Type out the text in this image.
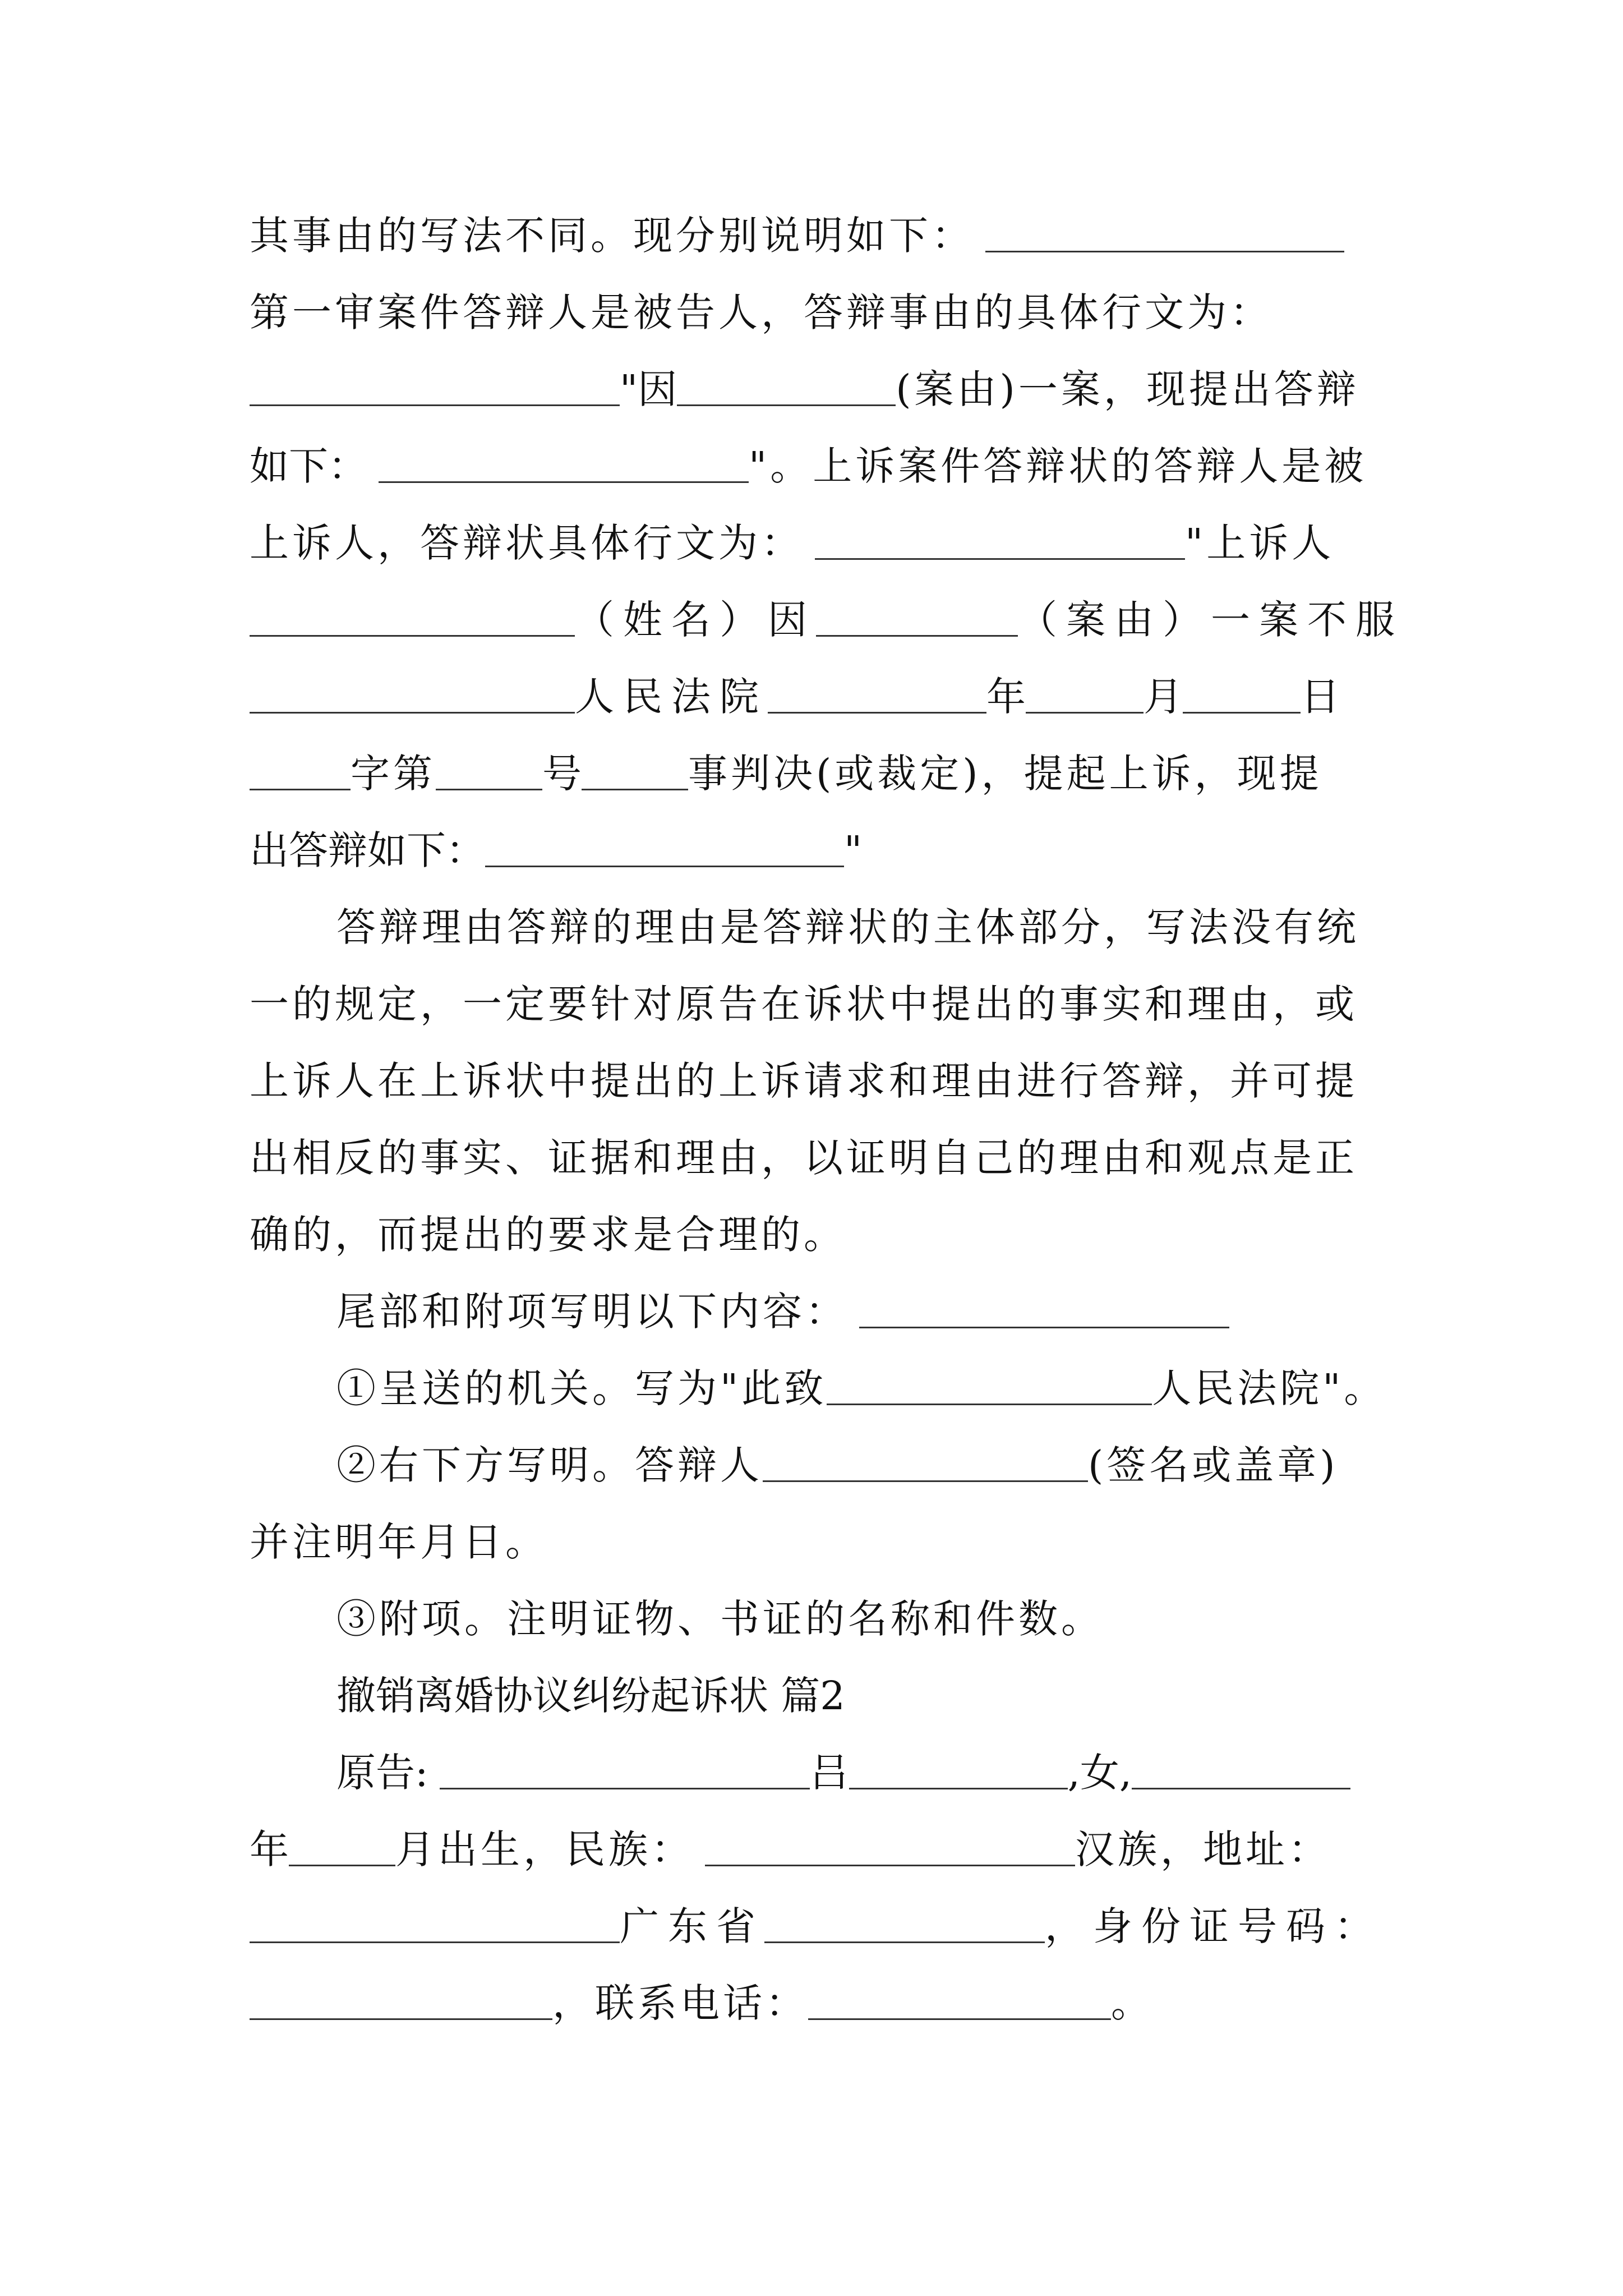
其事由的写法不同。现分别说明如下：
第一审案件答辩人是被告人，答辩事由的具体行文为：
"因	(案由)一案，现提出答辩
如下：	"。上诉案件答辩状的答辩人是被
上诉人，答辩状具体行文为：	"上诉人
（姓名）因	（案由）一案不服
人民法院	年	月	日
字第	号	事判决(或裁定)，提起上诉，现提
出答辩如下：	"
答辩理由答辩的理由是答辩状的主体部分，写法没有统
一的规定，一定要针对原告在诉状中提出的事实和理由，或
上诉人在上诉状中提出的上诉请求和理由进行答辩，并可提
出相反的事实、证据和理由，以证明自己的理由和观点是正
确的，而提出的要求是合理的。
尾部和附项写明以下内容：
①呈送的机关。写为"此致	人民法院"。
②右下方写明。答辩人	(签名或盖章)
并注明年月日。
③附项。注明证物、书证的名称和件数。
撤销离婚协议纠纷起诉状 篇2
原告:	吕	,女,
年	月出生，民族：	汉族，地址：
广东省	，身份证号码：
，联系电话：	。
